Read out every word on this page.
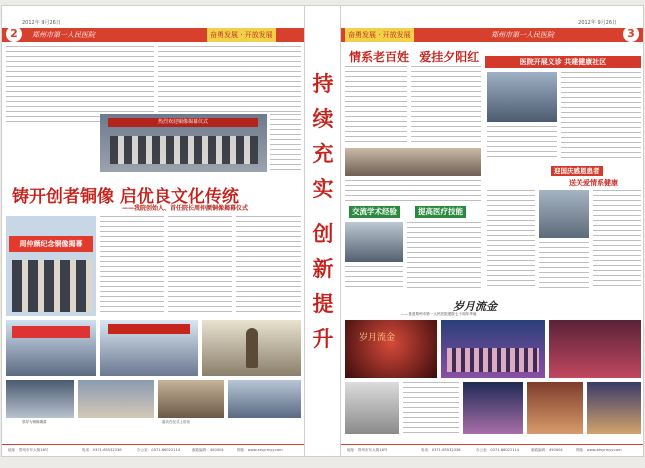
2012年 9月26日
郑州市第一人民医院	奋勇发展 · 开放发展
2
热烈欢迎铜像揭幕仪式
铸开创者铜像 启优良文化传统
——我院创始人、首任院长周仲颜铜像揭幕仪式
周仲颜纪念铜像揭幕
领导为铜像揭幕	嘉宾在仪式上讲话
地址：郑州市东大街16号	电话：0371-65532336	办公室：0371-66022114	邮政编码：450004	网址：www.zzsyrmyy.com
持
续
充
实
创
新
提
升
2012年 9月26日
奋勇发展 · 开放发展	郑州市第一人民医院	3
情系老百姓 爱挂夕阳红	医院开展义诊 共建健康社区
交流学术经验	提高医疗技能
迎国庆感恩患者
送关爱情系健康
岁月流金
——喜迎郑州市第一人民医院建院七十周年华诞
岁月流金
地址：郑州市东大街16号	电话：0371-65532336	办公室：0371-66022114	邮政编码：450004	网址：www.zzsyrmyy.com
